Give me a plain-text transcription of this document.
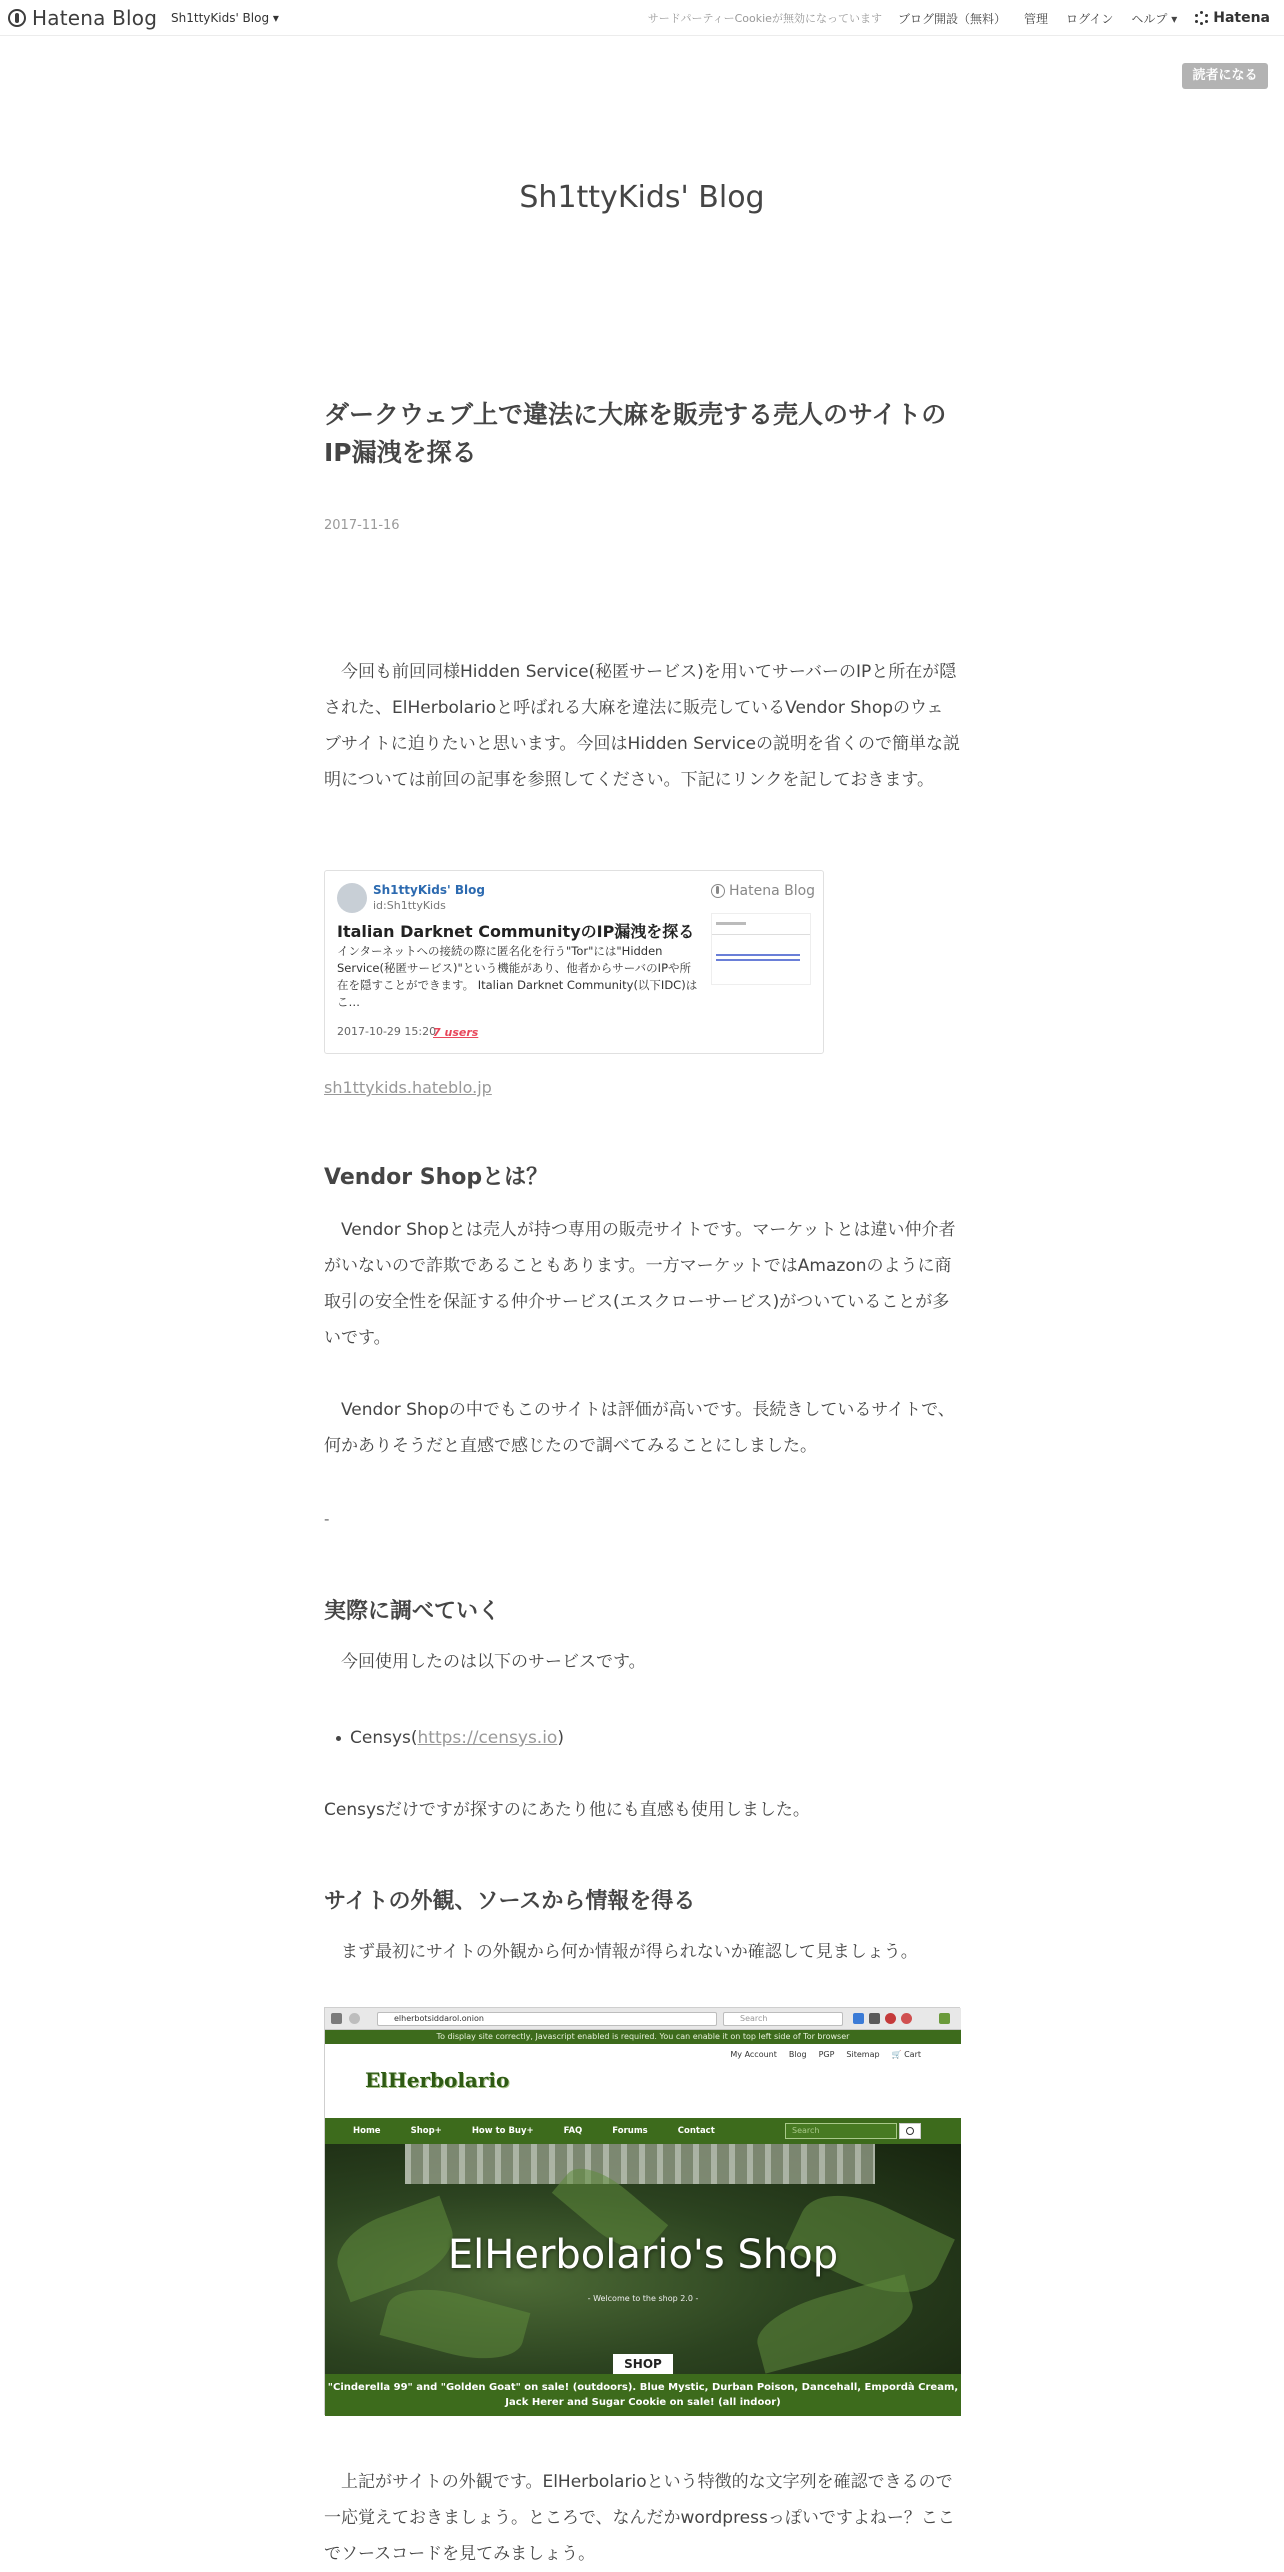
Hatena Blog Sh1ttyKids' Blog ▾	サードパーティーCookieが無効になっています ブログ開設（無料） 管理 ログイン ヘルプ ▾	Hatena
読者になる
Sh1ttyKids' Blog
ダークウェブ上で違法に大麻を販売する売人のサイトのIP漏洩を探る
2017-11-16
　今回も前回同様Hidden Service(秘匿サービス)を用いてサーバーのIPと所在が隠された、ElHerbolarioと呼ばれる大麻を違法に販売しているVendor Shopのウェブサイトに迫りたいと思います。今回はHidden Serviceの説明を省くので簡単な説明については前回の記事を参照してください。下記にリンクを記しておきます。
Sh1ttyKids' Blog
id:Sh1ttyKids
Hatena Blog
Italian Darknet CommunityのIP漏洩を探る
インターネットへの接続の際に匿名化を行う"Tor"には"Hidden Service(秘匿サービス)"という機能があり、他者からサーバのIPや所在を隠すことができます。 Italian Darknet Community(以下IDC)はこ…
2017-10-29 15:20
7 users
sh1ttykids.hateblo.jp
Vendor Shopとは？
　Vendor Shopとは売人が持つ専用の販売サイトです。マーケットとは違い仲介者がいないので詐欺であることもあります。一方マーケットではAmazonのように商取引の安全性を保証する仲介サービス(エスクローサービス)がついていることが多いです。
　Vendor Shopの中でもこのサイトは評価が高いです。長続きしているサイトで、何かありそうだと直感で感じたので調べてみることにしました。
-
実際に調べていく
　今回使用したのは以下のサービスです。
Censys(https://censys.io)
Censysだけですが探すのにあたり他にも直感も使用しました。
サイトの外観、ソースから情報を得る
　まず最初にサイトの外観から何か情報が得られないか確認して見ましょう。
elherbotsiddarol.onion	Search
To display site correctly, Javascript enabled is required. You can enable it on top left side of Tor browser
My Account Blog PGP Sitemap 🛒 Cart
ElHerbolario
Home	Shop+	How to Buy+	FAQ	Forums	Contact	Search
ElHerbolario's Shop
- Welcome to the shop 2.0 -
SHOP
"Cinderella 99" and "Golden Goat" on sale! (outdoors). Blue Mystic, Durban Poison, Dancehall, Empordà Cream, Jack Herer and Sugar Cookie on sale! (all indoor)
　上記がサイトの外観です。ElHerbolarioという特徴的な文字列を確認できるので一応覚えておきましょう。ところで、なんだかwordpressっぽいですよねー？ここでソースコードを見てみましょう。
